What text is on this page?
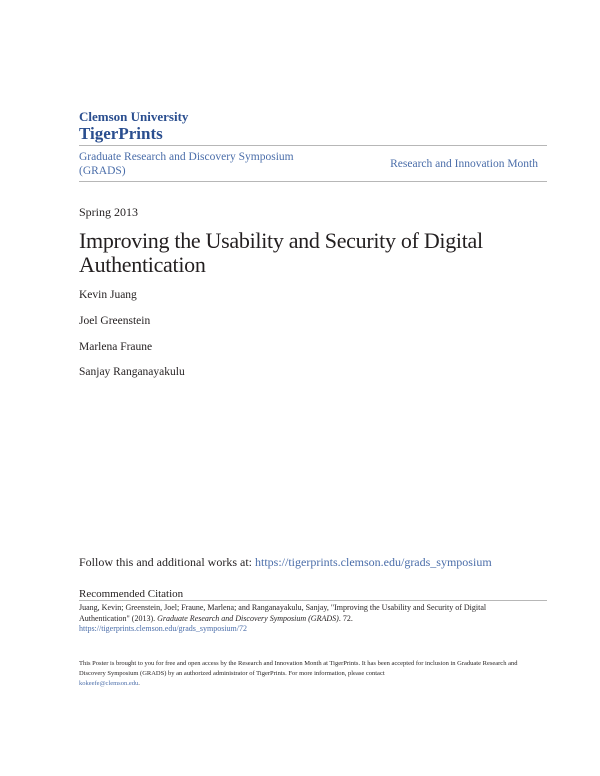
Clemson University
TigerPrints
Graduate Research and Discovery Symposium (GRADS)
Research and Innovation Month
Spring 2013
Improving the Usability and Security of Digital Authentication
Kevin Juang
Joel Greenstein
Marlena Fraune
Sanjay Ranganayakulu
Follow this and additional works at: https://tigerprints.clemson.edu/grads_symposium
Recommended Citation
Juang, Kevin; Greenstein, Joel; Fraune, Marlena; and Ranganayakulu, Sanjay, "Improving the Usability and Security of Digital Authentication" (2013). Graduate Research and Discovery Symposium (GRADS). 72.
https://tigerprints.clemson.edu/grads_symposium/72
This Poster is brought to you for free and open access by the Research and Innovation Month at TigerPrints. It has been accepted for inclusion in Graduate Research and Discovery Symposium (GRADS) by an authorized administrator of TigerPrints. For more information, please contact
kokeefe@clemson.edu.
